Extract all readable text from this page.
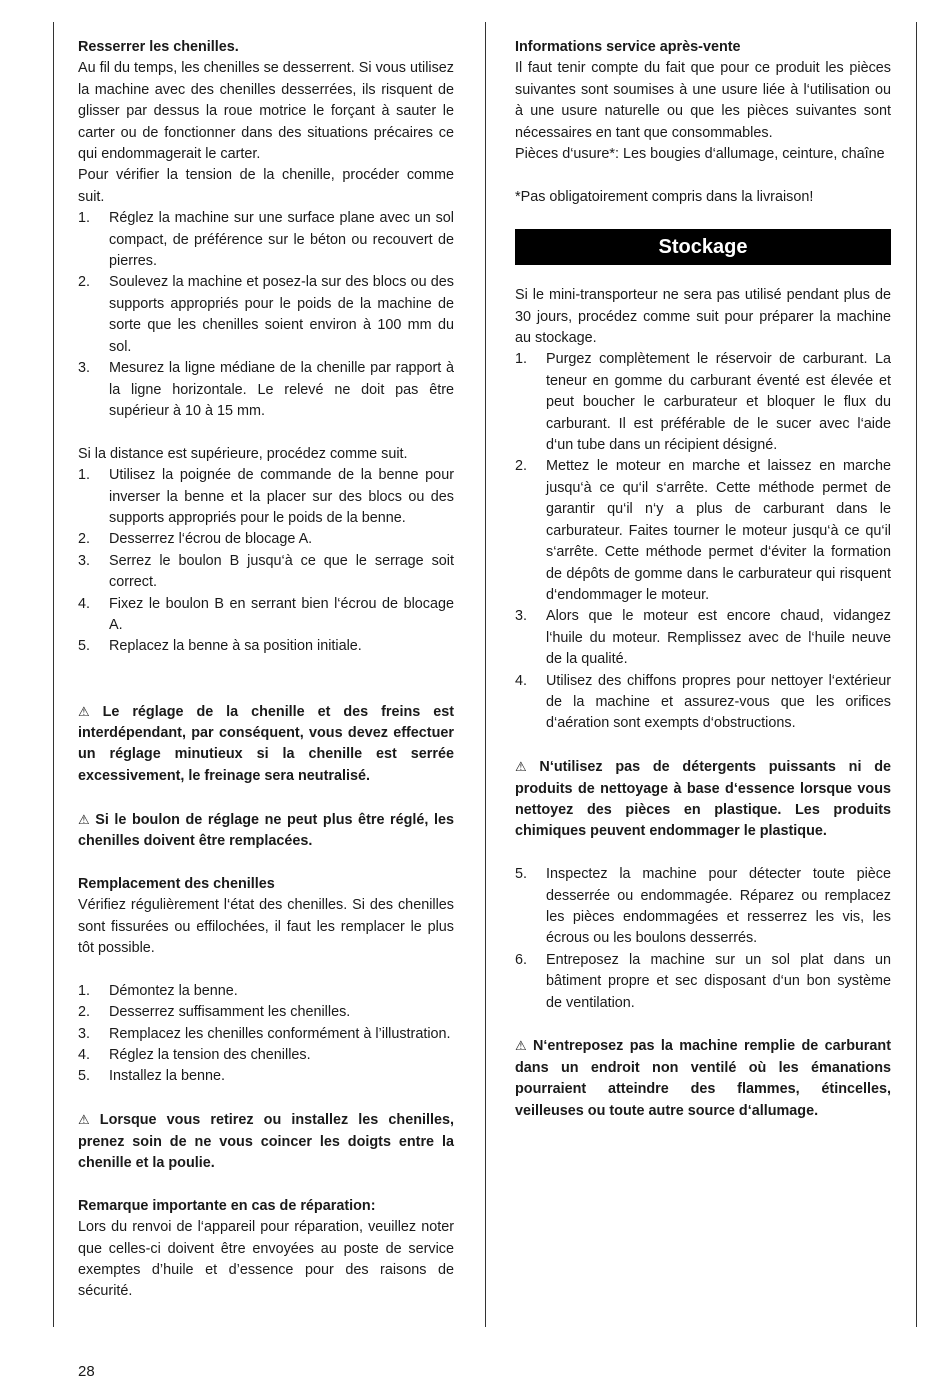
Resserrer les chenilles.

Au fil du temps, les chenilles se desserrent. Si vous utilisez la machine avec des chenilles desserrées, ils risquent de glisser par dessus la roue motrice le forçant à sauter le carter ou de fonctionner dans des situations précaires ce qui endommagerait le carter.

Pour vérifier la tension de la chenille, procéder comme suit.

1. Réglez la machine sur une surface plane avec un sol compact, de préférence sur le béton ou recouvert de pierres.
2. Soulevez la machine et posez-la sur des blocs ou des supports appropriés pour le poids de la machine de sorte que les chenilles soient environ à 100 mm du sol.
3. Mesurez la ligne médiane de la chenille par rapport à la ligne horizontale. Le relevé ne doit pas être supérieur à 10 à 15 mm.

Si la distance est supérieure, procédez comme suit.

1. Utilisez la poignée de commande de la benne pour inverser la benne et la placer sur des blocs ou des supports appropriés pour le poids de la benne.
2. Desserrez l‘écrou de blocage A.
3. Serrez le boulon B jusqu‘à ce que le serrage soit correct.
4. Fixez le boulon B en serrant bien l‘écrou de blocage A.
5. Replacez la benne à sa position initiale.

⚠ Le réglage de la chenille et des freins est interdépendant, par conséquent, vous devez effectuer un réglage minutieux si la chenille est serrée excessivement, le freinage sera neutralisé.

⚠ Si le boulon de réglage ne peut plus être réglé, les chenilles doivent être remplacées.

Remplacement des chenilles

Vérifiez régulièrement l‘état des chenilles. Si des chenilles sont fissurées ou effilochées, il faut les remplacer le plus tôt possible.

1. Démontez la benne.
2. Desserrez suffisamment les chenilles.
3. Remplacez les chenilles conformément à l’illustration.
4. Réglez la tension des chenilles.
5. Installez la benne.

⚠ Lorsque vous retirez ou installez les chenilles, prenez soin de ne vous coincer les doigts entre la chenille et la poulie.

Remarque importante en cas de réparation:

Lors du renvoi de l‘appareil pour réparation, veuillez noter que celles-ci doivent être envoyées au poste de service exemptes d’huile et d’essence pour des raisons de sécurité.

Informations service après-vente

Il faut tenir compte du fait que pour ce produit les pièces suivantes sont soumises à une usure liée à l‘utilisation ou à une usure naturelle ou que les pièces suivantes sont nécessaires en tant que consommables.

Pièces d‘usure*: Les bougies d‘allumage, ceinture, chaîne

*Pas obligatoirement compris dans la livraison!

Stockage

Si le mini-transporteur ne sera pas utilisé pendant plus de 30 jours, procédez comme suit pour préparer la machine au stockage.

1. Purgez complètement le réservoir de carburant. La teneur en gomme du carburant éventé est élevée et peut boucher le carburateur et bloquer le flux du carburant. Il est préférable de le sucer avec l‘aide d‘un tube dans un récipient désigné.
2. Mettez le moteur en marche et laissez en marche jusqu‘à ce qu‘il s‘arrête. Cette méthode permet de garantir qu‘il n‘y a plus de carburant dans le carburateur. Faites tourner le moteur jusqu‘à ce qu‘il s‘arrête. Cette méthode permet d‘éviter la formation de dépôts de gomme dans le carburateur qui risquent d‘endommager le moteur.
3. Alors que le moteur est encore chaud, vidangez l‘huile du moteur. Remplissez avec de l‘huile neuve de la qualité.
4. Utilisez des chiffons propres pour nettoyer l‘extérieur de la machine et assurez-vous que les orifices d‘aération sont exempts d‘obstructions.

⚠ N‘utilisez pas de détergents puissants ni de produits de nettoyage à base d‘essence lorsque vous nettoyez des pièces en plastique. Les produits chimiques peuvent endommager le plastique.

5. Inspectez la machine pour détecter toute pièce desserrée ou endommagée. Réparez ou remplacez les pièces endommagées et resserrez les vis, les écrous ou les boulons desserrés.
6. Entreposez la machine sur un sol plat dans un bâtiment propre et sec disposant d‘un bon système de ventilation.

⚠ N‘entreposez pas la machine remplie de carburant dans un endroit non ventilé où les émanations pourraient atteindre des flammes, étincelles, veilleuses ou toute autre source d‘allumage.

28
